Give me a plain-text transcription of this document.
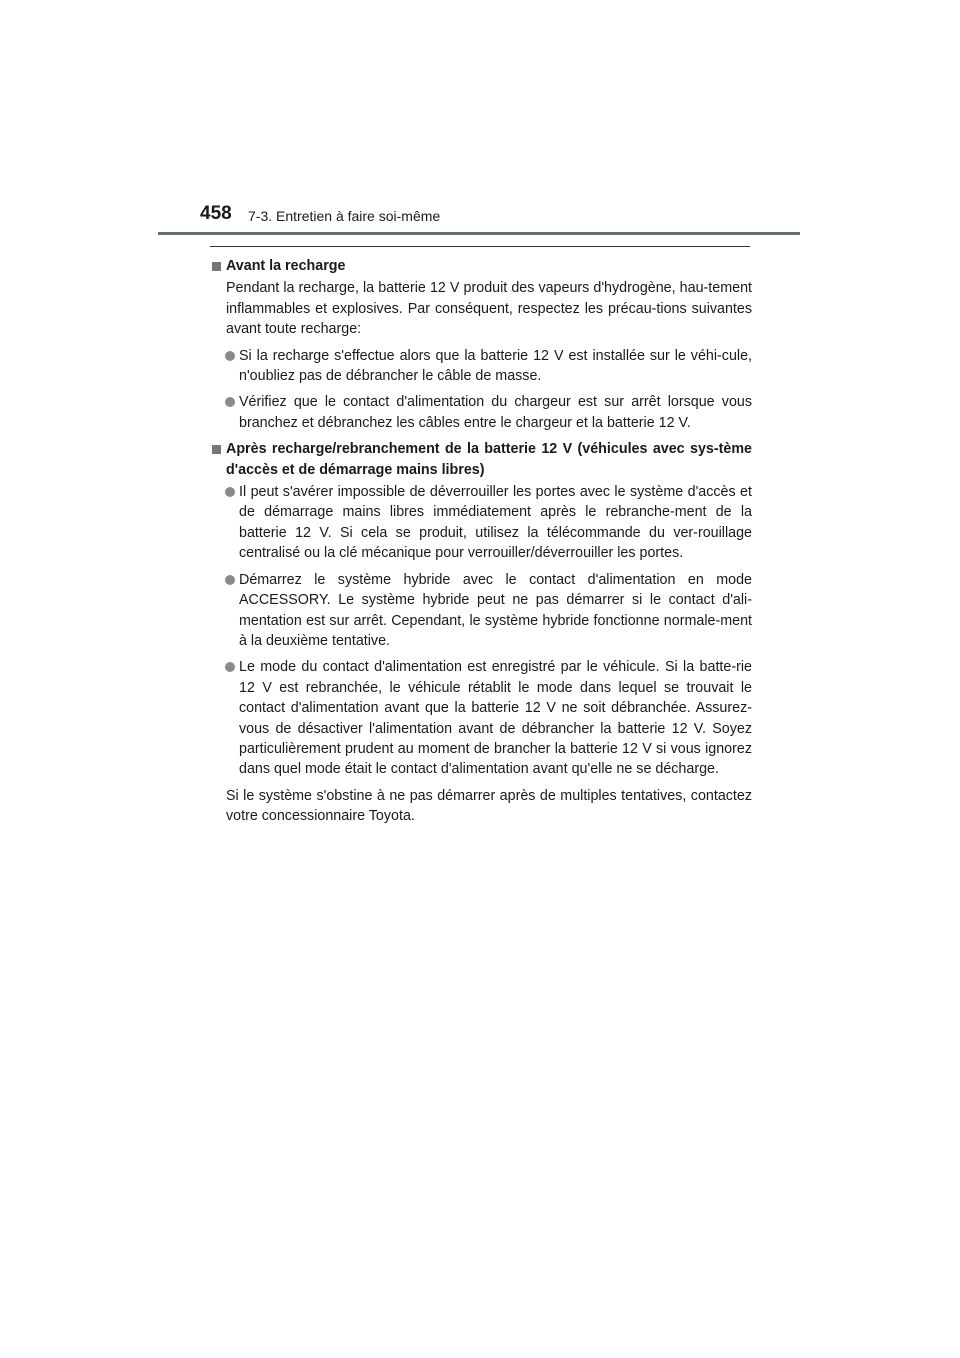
458 7-3. Entretien à faire soi-même
Avant la recharge
Pendant la recharge, la batterie 12 V produit des vapeurs d'hydrogène, hau-tement inflammables et explosives. Par conséquent, respectez les précau-tions suivantes avant toute recharge:
Si la recharge s'effectue alors que la batterie 12 V est installée sur le véhi-cule, n'oubliez pas de débrancher le câble de masse.
Vérifiez que le contact d'alimentation du chargeur est sur arrêt lorsque vous branchez et débranchez les câbles entre le chargeur et la batterie 12 V.
Après recharge/rebranchement de la batterie 12 V (véhicules avec sys-tème d'accès et de démarrage mains libres)
Il peut s'avérer impossible de déverrouiller les portes avec le système d'accès et de démarrage mains libres immédiatement après le rebranche-ment de la batterie 12 V. Si cela se produit, utilisez la télécommande du ver-rouillage centralisé ou la clé mécanique pour verrouiller/déverrouiller les portes.
Démarrez le système hybride avec le contact d'alimentation en mode ACCESSORY. Le système hybride peut ne pas démarrer si le contact d'ali-mentation est sur arrêt. Cependant, le système hybride fonctionne normale-ment à la deuxième tentative.
Le mode du contact d'alimentation est enregistré par le véhicule. Si la batte-rie 12 V est rebranchée, le véhicule rétablit le mode dans lequel se trouvait le contact d'alimentation avant que la batterie 12 V ne soit débranchée. Assurez-vous de désactiver l'alimentation avant de débrancher la batterie 12 V. Soyez particulièrement prudent au moment de brancher la batterie 12 V si vous ignorez dans quel mode était le contact d'alimentation avant qu'elle ne se décharge.
Si le système s'obstine à ne pas démarrer après de multiples tentatives, contactez votre concessionnaire Toyota.
